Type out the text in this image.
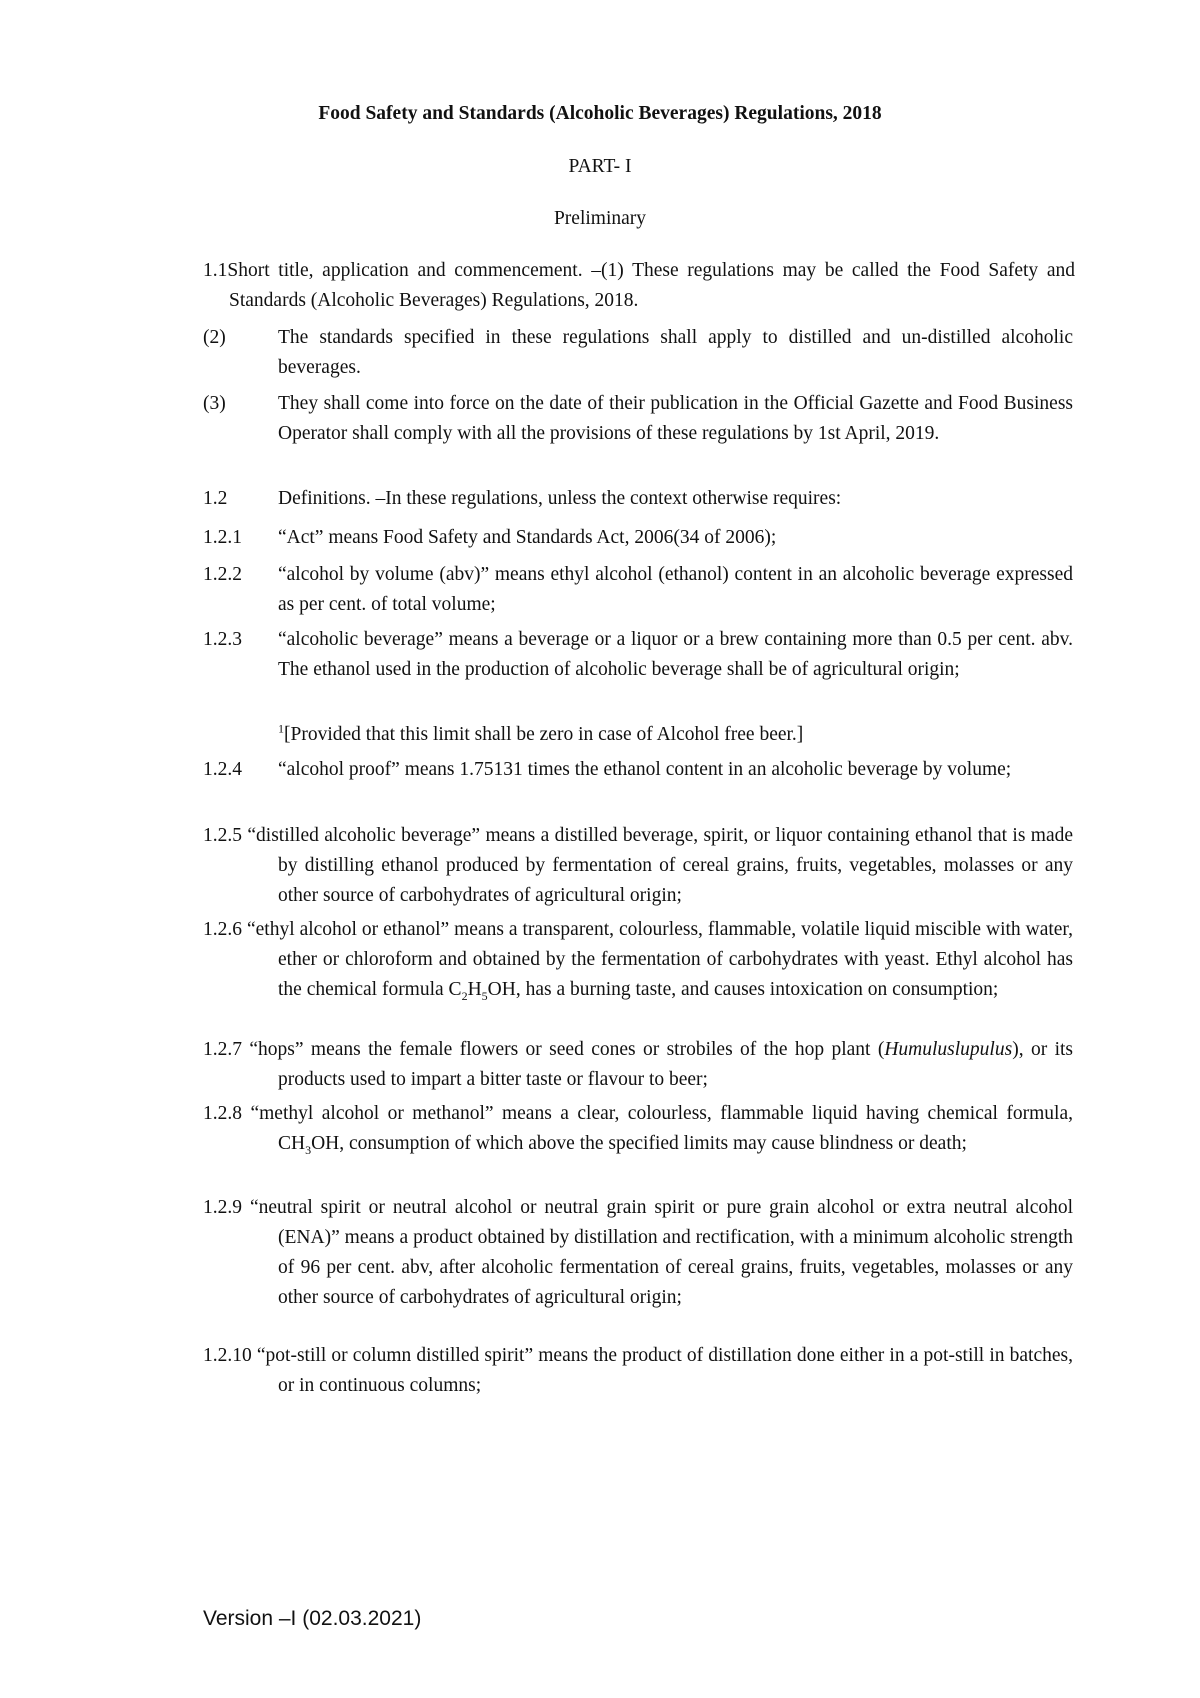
Food Safety and Standards (Alcoholic Beverages) Regulations, 2018
PART- I
Preliminary
1.1Short title, application and commencement. –(1) These regulations may be called the Food Safety and Standards (Alcoholic Beverages) Regulations, 2018.
(2)	The standards specified in these regulations shall apply to distilled and un-distilled alcoholic beverages.
(3)	They shall come into force on the date of their publication in the Official Gazette and Food Business Operator shall comply with all the provisions of these regulations by 1st April, 2019.
1.2	Definitions. –In these regulations, unless the context otherwise requires:
1.2.1 “Act” means Food Safety and Standards Act, 2006(34 of 2006);
1.2.2 “alcohol by volume (abv)” means ethyl alcohol (ethanol) content in an alcoholic beverage expressed as per cent. of total volume;
1.2.3 “alcoholic beverage” means a beverage or a liquor or a brew containing more than 0.5 per cent. abv. The ethanol used in the production of alcoholic beverage shall be of agricultural origin;
$^1$[Provided that this limit shall be zero in case of Alcohol free beer.]
1.2.4 “alcohol proof” means 1.75131 times the ethanol content in an alcoholic beverage by volume;
1.2.5 “distilled alcoholic beverage” means a distilled beverage, spirit, or liquor containing ethanol that is made by distilling ethanol produced by fermentation of cereal grains, fruits, vegetables, molasses or any other source of carbohydrates of agricultural origin;
1.2.6 “ethyl alcohol or ethanol” means a transparent, colourless, flammable, volatile liquid miscible with water, ether or chloroform and obtained by the fermentation of carbohydrates with yeast. Ethyl alcohol has the chemical formula $C_2H_5OH$, has a burning taste, and causes intoxication on consumption;
1.2.7 “hops” means the female flowers or seed cones or strobiles of the hop plant (Humuluslupulus), or its products used to impart a bitter taste or flavour to beer;
1.2.8 “methyl alcohol or methanol” means a clear, colourless, flammable liquid having chemical formula, $CH_3OH$, consumption of which above the specified limits may cause blindness or death;
1.2.9 “neutral spirit or neutral alcohol or neutral grain spirit or pure grain alcohol or extra neutral alcohol (ENA)” means a product obtained by distillation and rectification, with a minimum alcoholic strength of 96 per cent. abv, after alcoholic fermentation of cereal grains, fruits, vegetables, molasses or any other source of carbohydrates of agricultural origin;
1.2.10 “pot-still or column distilled spirit” means the product of distillation done either in a pot-still in batches, or in continuous columns;
Version –I (02.03.2021)
